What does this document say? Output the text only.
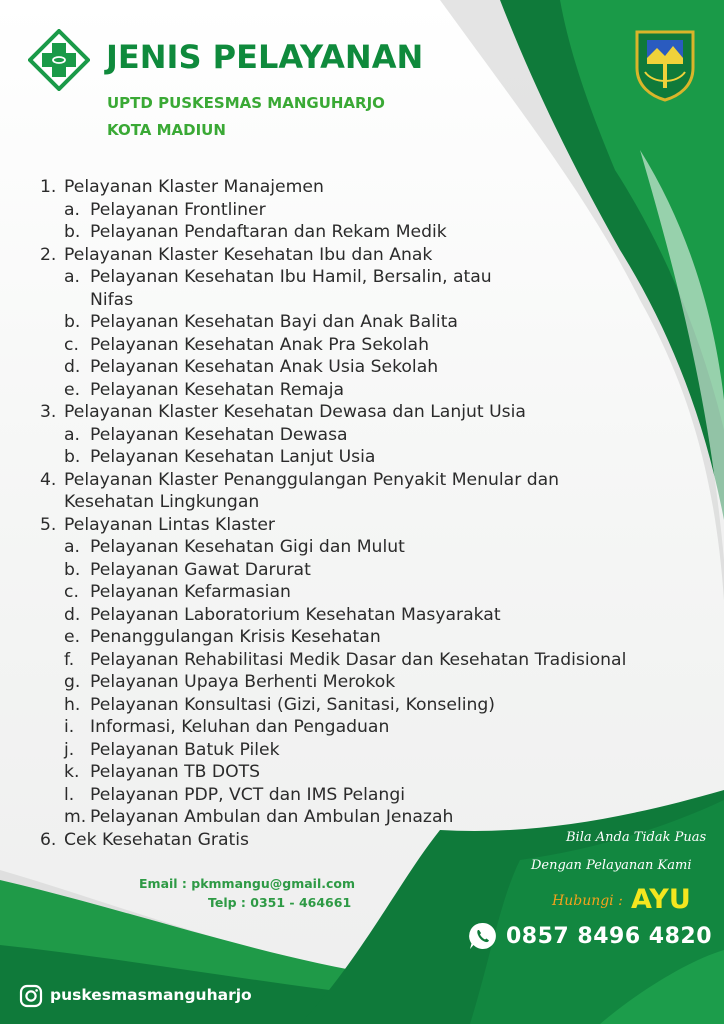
JENIS PELAYANAN
UPTD PUSKESMAS MANGUHARJO
KOTA MADIUN
1. Pelayanan Klaster Manajemen
a. Pelayanan Frontliner
b. Pelayanan Pendaftaran dan Rekam Medik
2. Pelayanan Klaster Kesehatan Ibu dan Anak
a. Pelayanan Kesehatan Ibu Hamil, Bersalin, atau
Nifas
b. Pelayanan Kesehatan Bayi dan Anak Balita
c. Pelayanan Kesehatan Anak Pra Sekolah
d. Pelayanan Kesehatan Anak Usia Sekolah
e. Pelayanan Kesehatan Remaja
3. Pelayanan Klaster Kesehatan Dewasa dan Lanjut Usia
a. Pelayanan Kesehatan Dewasa
b. Pelayanan Kesehatan Lanjut Usia
4. Pelayanan Klaster Penanggulangan Penyakit Menular dan
Kesehatan Lingkungan
5. Pelayanan Lintas Klaster
a. Pelayanan Kesehatan Gigi dan Mulut
b. Pelayanan Gawat Darurat
c. Pelayanan Kefarmasian
d. Pelayanan Laboratorium Kesehatan Masyarakat
e. Penanggulangan Krisis Kesehatan
f. Pelayanan Rehabilitasi Medik Dasar dan Kesehatan Tradisional
g. Pelayanan Upaya Berhenti Merokok
h. Pelayanan Konsultasi (Gizi, Sanitasi, Konseling)
i. Informasi, Keluhan dan Pengaduan
j. Pelayanan Batuk Pilek
k. Pelayanan TB DOTS
l. Pelayanan PDP, VCT dan IMS Pelangi
m. Pelayanan Ambulan dan Ambulan Jenazah
6. Cek Kesehatan Gratis
Email : pkmmangu@gmail.com
Telp : 0351 - 464661
Bila Anda Tidak Puas
Dengan Pelayanan Kami
Hubungi : AYU
0857 8496 4820
puskesmasmanguharjo
